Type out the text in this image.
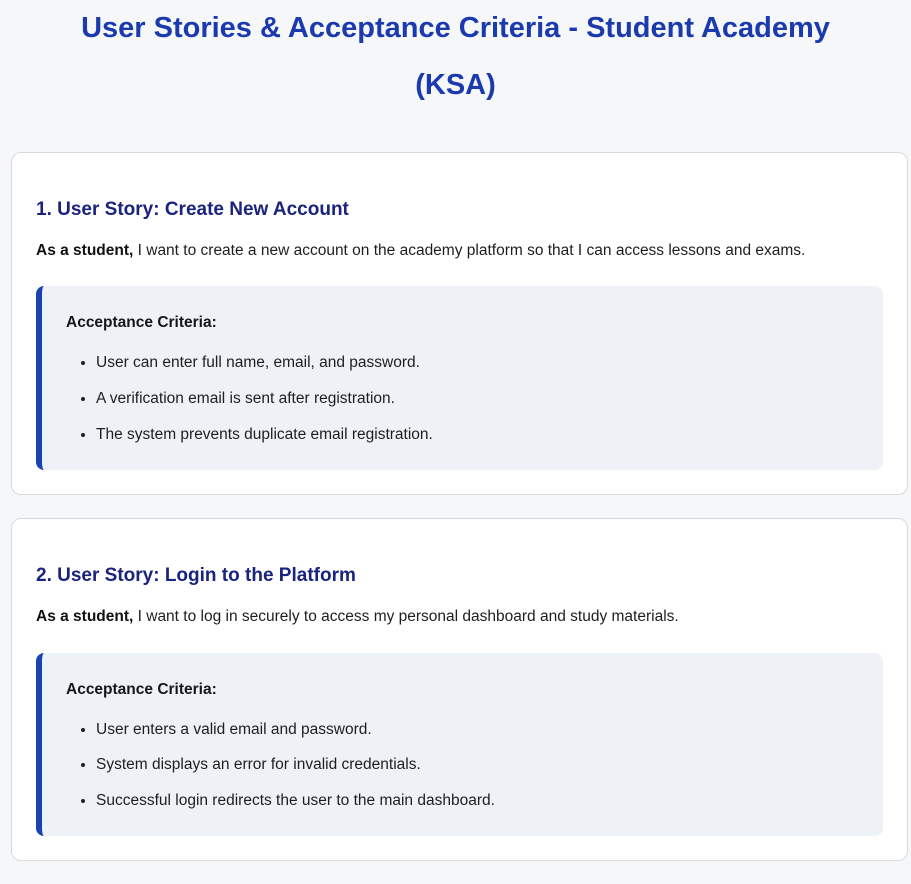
User Stories & Acceptance Criteria - Student Academy
(KSA)
1. User Story: Create New Account

As a student, I want to create a new account on the academy platform so that I can access lessons and exams.

Acceptance Criteria:

• User can enter full name, email, and password.
• A verification email is sent after registration.
• The system prevents duplicate email registration.
2. User Story: Login to the Platform

As a student, I want to log in securely to access my personal dashboard and study materials.

Acceptance Criteria:

• User enters a valid email and password.
• System displays an error for invalid credentials.
• Successful login redirects the user to the main dashboard.
